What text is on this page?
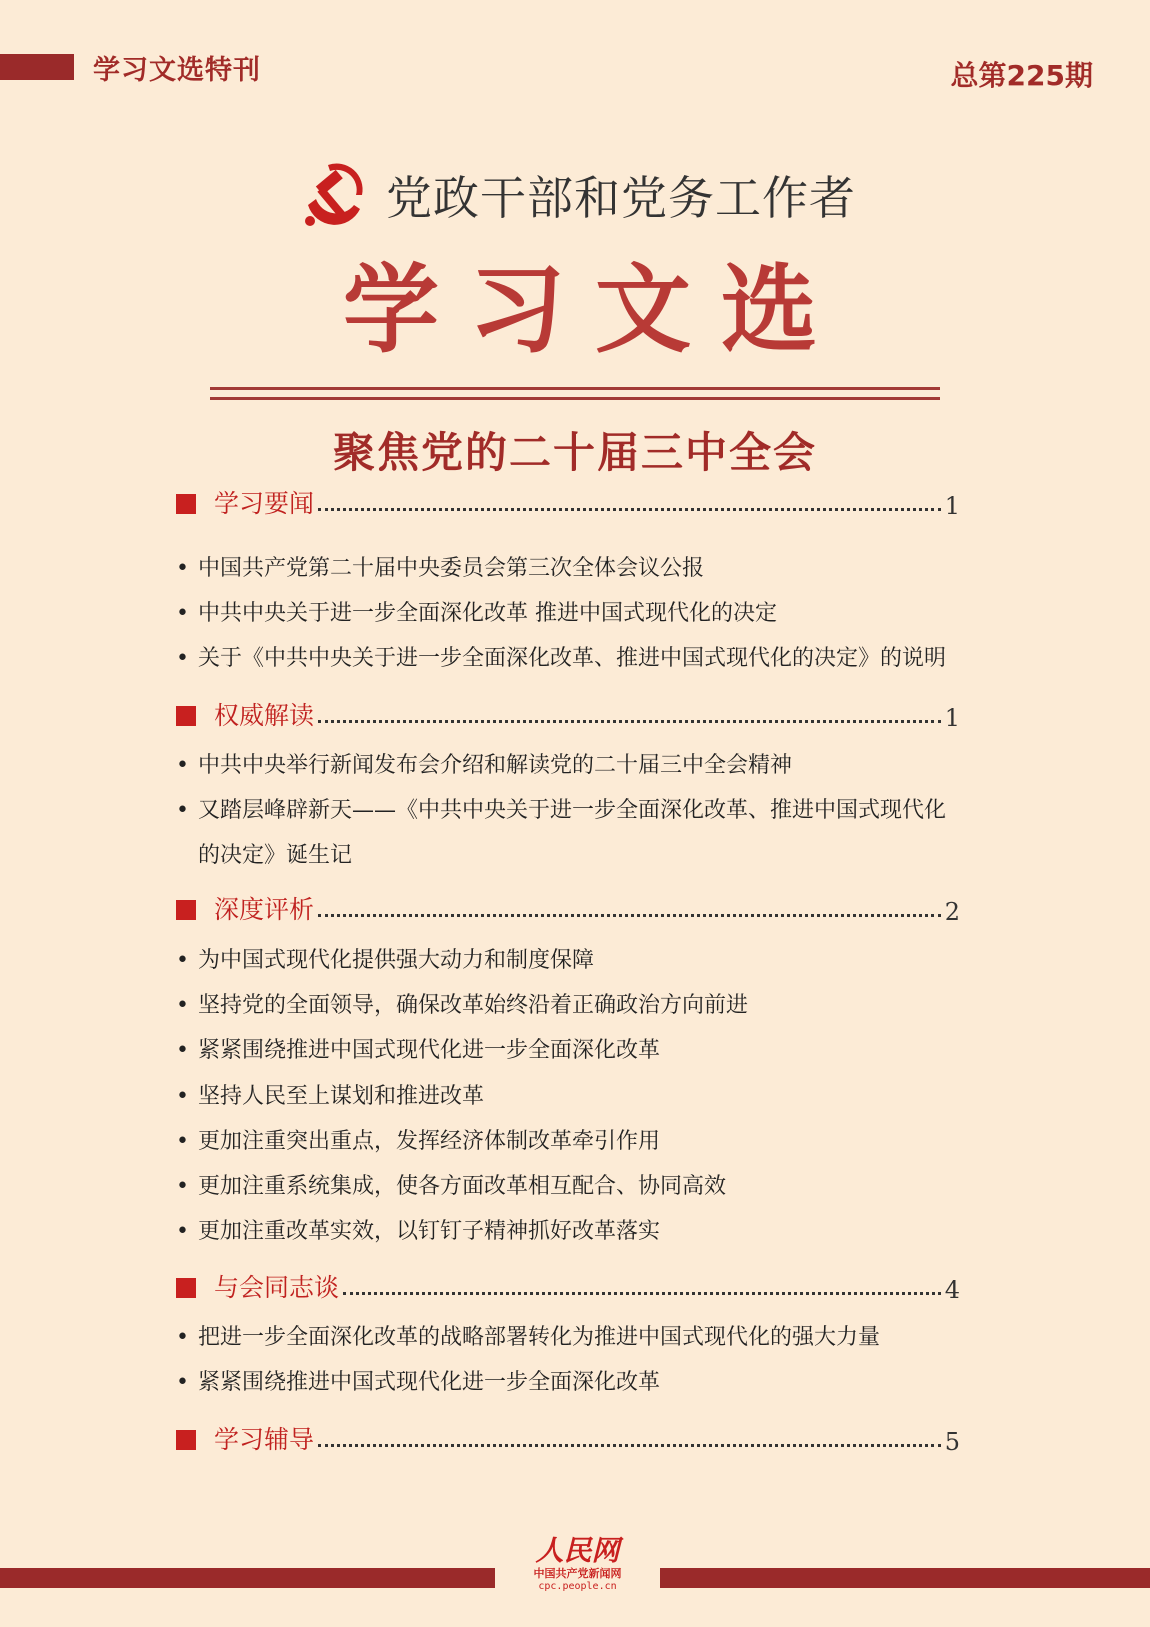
学习文选特刊	总第225期
党政干部和党务工作者
学习文选
聚焦党的二十届三中全会
学习要闻	1
• 中国共产党第二十届中央委员会第三次全体会议公报
• 中共中央关于进一步全面深化改革 推进中国式现代化的决定
• 关于《中共中央关于进一步全面深化改革、推进中国式现代化的决定》的说明
权威解读	1
• 中共中央举行新闻发布会介绍和解读党的二十届三中全会精神
• 又踏层峰辟新天——《中共中央关于进一步全面深化改革、推进中国式现代化
的决定》诞生记
深度评析	2
• 为中国式现代化提供强大动力和制度保障
• 坚持党的全面领导，确保改革始终沿着正确政治方向前进
• 紧紧围绕推进中国式现代化进一步全面深化改革
• 坚持人民至上谋划和推进改革
• 更加注重突出重点，发挥经济体制改革牵引作用
• 更加注重系统集成，使各方面改革相互配合、协同高效
• 更加注重改革实效，以钉钉子精神抓好改革落实
与会同志谈	4
• 把进一步全面深化改革的战略部署转化为推进中国式现代化的强大力量
• 紧紧围绕推进中国式现代化进一步全面深化改革
学习辅导	5
人民网
中国共产党新闻网
cpc.people.cn
